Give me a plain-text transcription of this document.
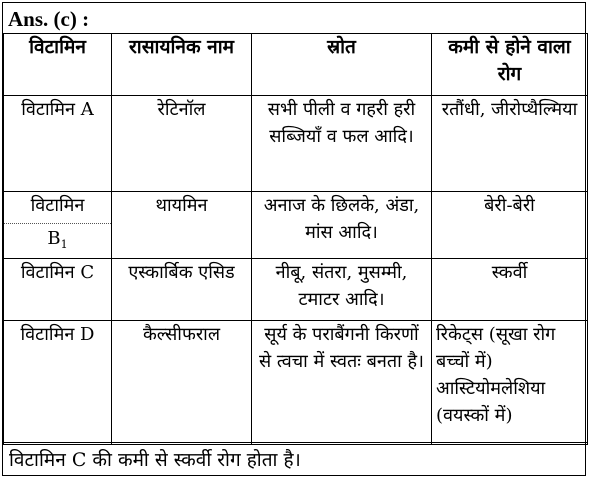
Ans. (c) :
विटामिन	रासायनिक नाम	स्रोत	कमी से होने वाला रोग
विटामिन A	रेटिनॉल	सभी पीली व गहरी हरी सब्जियाँ व फल आदि।	रतौंधी, जीरोप्थैल्मिया

विटामिन
$B_1$	थायमिन	अनाज के छिलके, अंडा, मांस आदि।	बेरी-बेरी
विटामिन C	एस्कार्बिक एसिड	नीबू, संतरा, मुसम्मी, टमाटर आदि।	स्कर्वी
विटामिन D	कैल्सीफराल	सूर्य के पराबैंगनी किरणों से त्वचा में स्वतः बनता है।	रिकेट्स (सूखा रोग बच्चों में) आस्टियोमलेशिया (वयस्कों में)
विटामिन C की कमी से स्कर्वी रोग होता है।
